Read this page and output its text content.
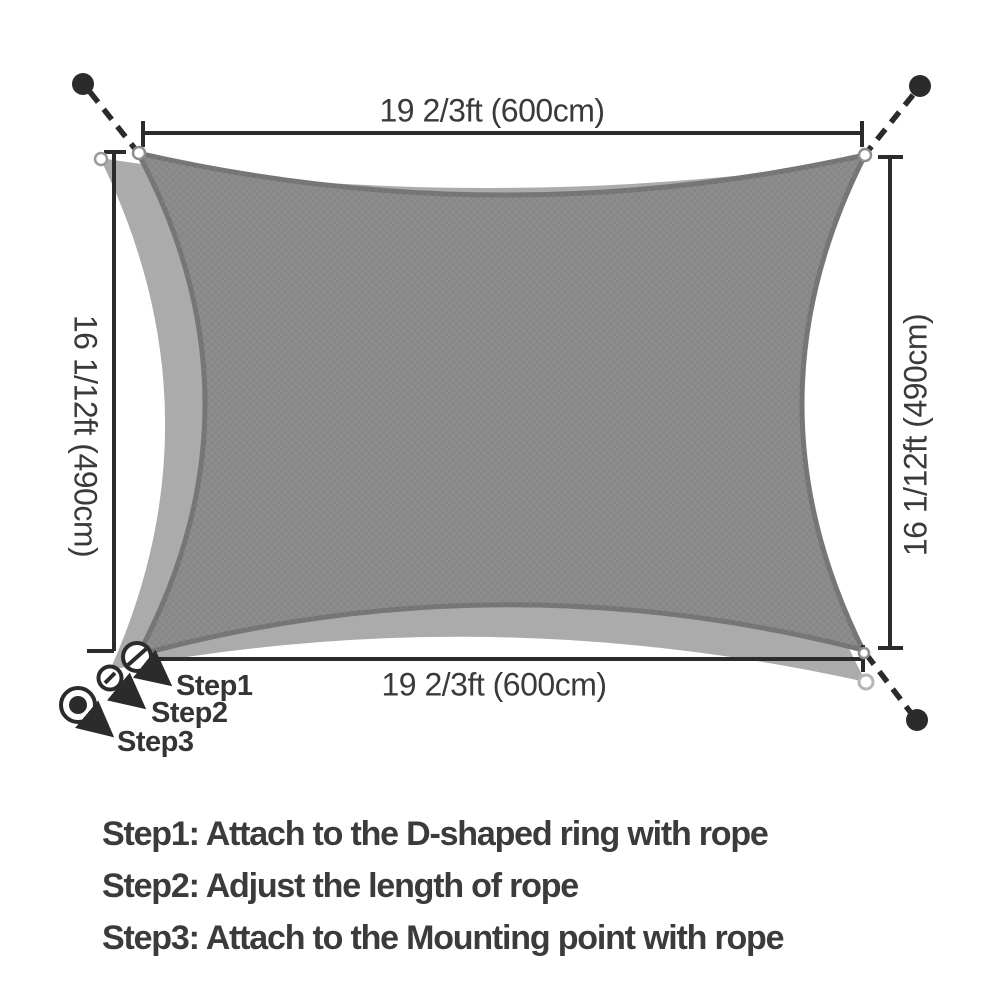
19 2/3ft (600cm)
19 2/3ft (600cm)
16 1/12ft (490cm)	16 1/12ft (490cm)
Step1
Step2
Step3
Step1: Attach to the D-shaped ring with rope
Step2: Adjust the length of rope
Step3: Attach to the Mounting point with rope
